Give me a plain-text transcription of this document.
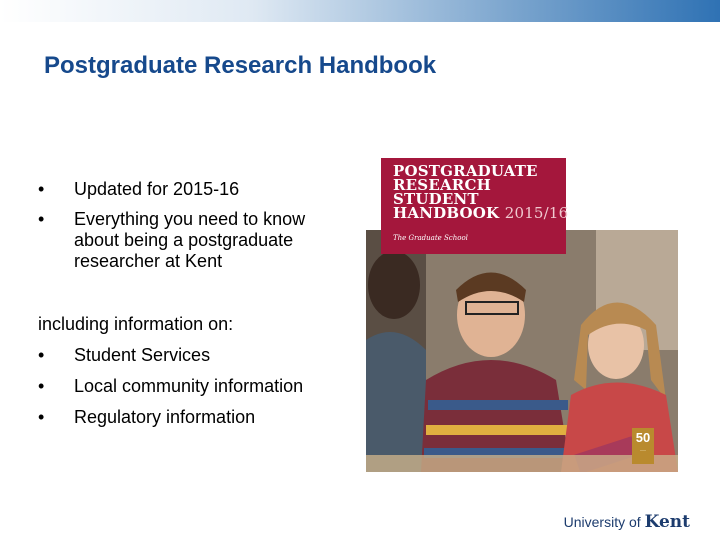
Postgraduate Research Handbook
• Updated for 2015-16
• Everything you need to know about being a postgraduate researcher at Kent
including information on:
• Student Services
• Local community information
• Regulatory information
POSTGRADUATE
RESEARCH
STUDENT
HANDBOOK 2015/16
The Graduate School
50
——
University of Kent
